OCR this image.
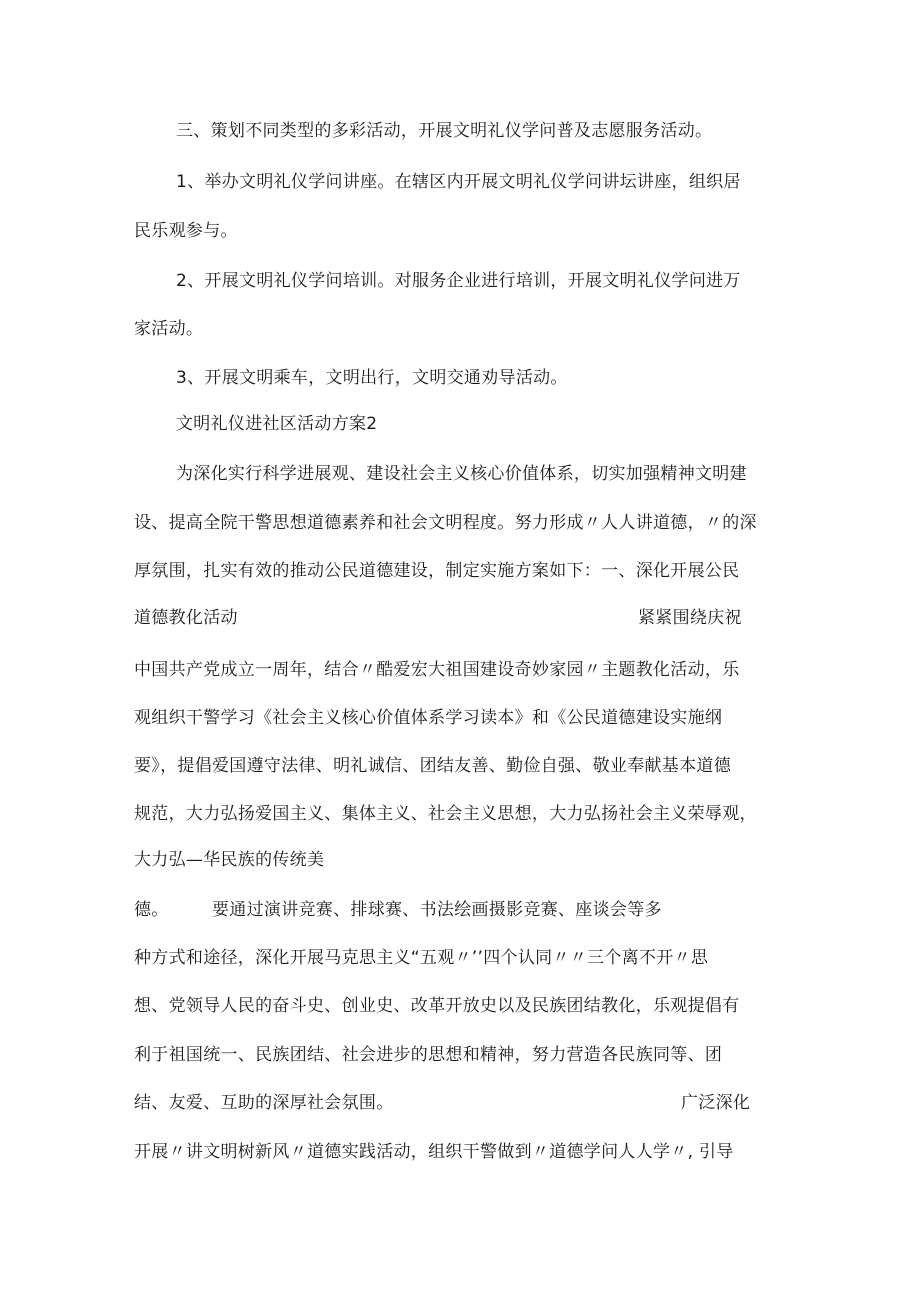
三、策划不同类型的多彩活动，开展文明礼仪学问普及志愿服务活动。
1、举办文明礼仪学问讲座。在辖区内开展文明礼仪学问讲坛讲座，组织居
民乐观参与。
2、开展文明礼仪学问培训。对服务企业进行培训，开展文明礼仪学问进万
家活动。
3、开展文明乘车，文明出行，文明交通劝导活动。
文明礼仪进社区活动方案2
为深化实行科学进展观、建设社会主义核心价值体系，切实加强精神文明建
设、提高全院干警思想道德素养和社会文明程度。努力形成〃人人讲道德，〃的深
厚氛围，扎实有效的推动公民道德建设，制定实施方案如下：一、深化开展公民
道德教化活动	紧紧围绕庆祝
中国共产党成立一周年，结合〃酷爱宏大祖国建设奇妙家园〃主题教化活动，乐
观组织干警学习《社会主义核心价值体系学习读本》和《公民道德建设实施纲
要》，提倡爱国遵守法律、明礼诚信、团结友善、勤俭自强、敬业奉献基本道德
规范，大力弘扬爱国主义、集体主义、社会主义思想，大力弘扬社会主义荣辱观，
大力弘—华民族的传统美
德。	要通过演讲竞赛、排球赛、书法绘画摄影竞赛、座谈会等多
种方式和途径，深化开展马克思主义“五观〃’’四个认同〃〃三个离不开〃思
想、党领导人民的奋斗史、创业史、改革开放史以及民族团结教化，乐观提倡有
利于祖国统一、民族团结、社会进步的思想和精神，努力营造各民族同等、团
结、友爱、互助的深厚社会氛围。	广泛深化
开展〃讲文明树新风〃道德实践活动，组织干警做到〃道德学问人人学〃, 引导
